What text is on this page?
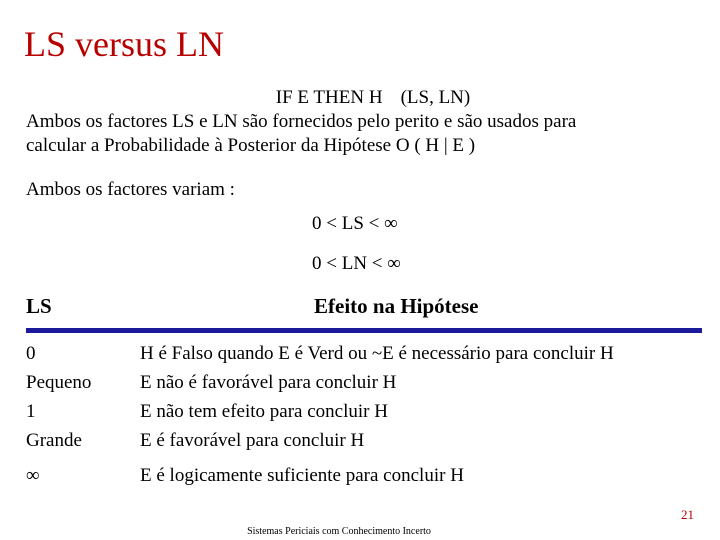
LS versus LN
IF E THEN H (LS, LN)
Ambos os factores LS e LN são fornecidos pelo perito e são usados para
calcular a Probabilidade à Posterior da Hipótese O ( H | E )
Ambos os factores variam :
0 < LS < ∞
0 < LN < ∞
LS	Efeito na Hipótese
0	H é Falso quando E é Verd ou ~E é necessário para concluir H
Pequeno	E não é favorável para concluir H
1	E não tem efeito para concluir H
Grande	E é favorável para concluir H
∞	E é logicamente suficiente para concluir H
21
Sistemas Periciais com Conhecimento Incerto
